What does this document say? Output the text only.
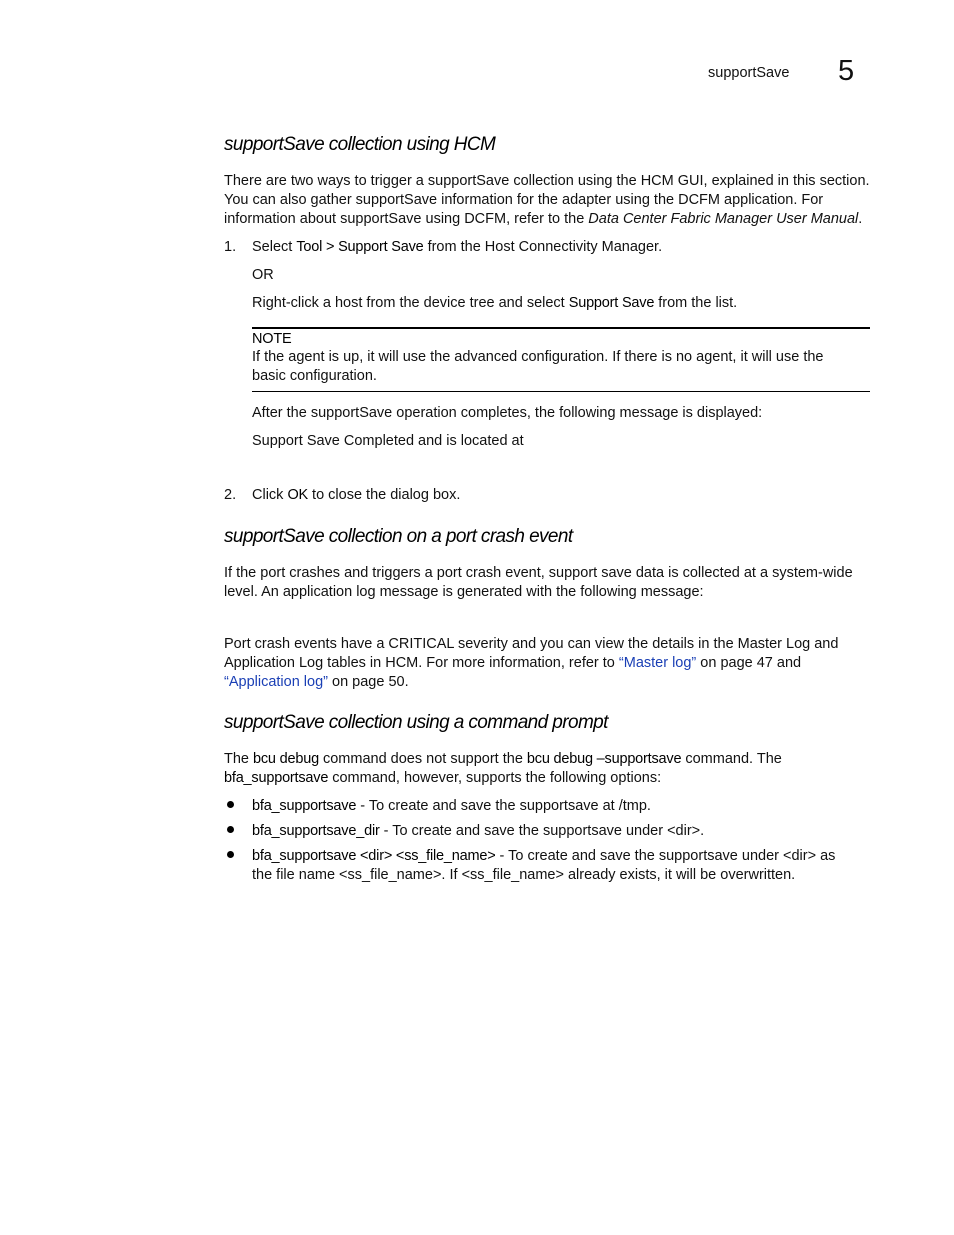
supportSave 5
supportSave collection using HCM
There are two ways to trigger a supportSave collection using the HCM GUI, explained in this section.
You can also gather supportSave information for the adapter using the DCFM application. For
information about supportSave using DCFM, refer to the Data Center Fabric Manager User Manual.
1. Select Tool > Support Save from the Host Connectivity Manager.
OR
Right-click a host from the device tree and select Support Save from the list.
NOTE
If the agent is up, it will use the advanced configuration. If there is no agent, it will use the
basic configuration.
After the supportSave operation completes, the following message is displayed:
Support Save Completed and is located at
2. Click OK to close the dialog box.
supportSave collection on a port crash event
If the port crashes and triggers a port crash event, support save data is collected at a system-wide
level. An application log message is generated with the following message:
Port crash events have a CRITICAL severity and you can view the details in the Master Log and
Application Log tables in HCM. For more information, refer to “Master log” on page 47 and
“Application log” on page 50.
supportSave collection using a command prompt
The bcu debug command does not support the bcu debug –supportsave command. The
bfa_supportsave command, however, supports the following options:
bfa_supportsave - To create and save the supportsave at /tmp.
bfa_supportsave_dir - To create and save the supportsave under <dir>.
bfa_supportsave <dir> <ss_file_name> - To create and save the supportsave under <dir> as
the file name <ss_file_name>. If <ss_file_name> already exists, it will be overwritten.
